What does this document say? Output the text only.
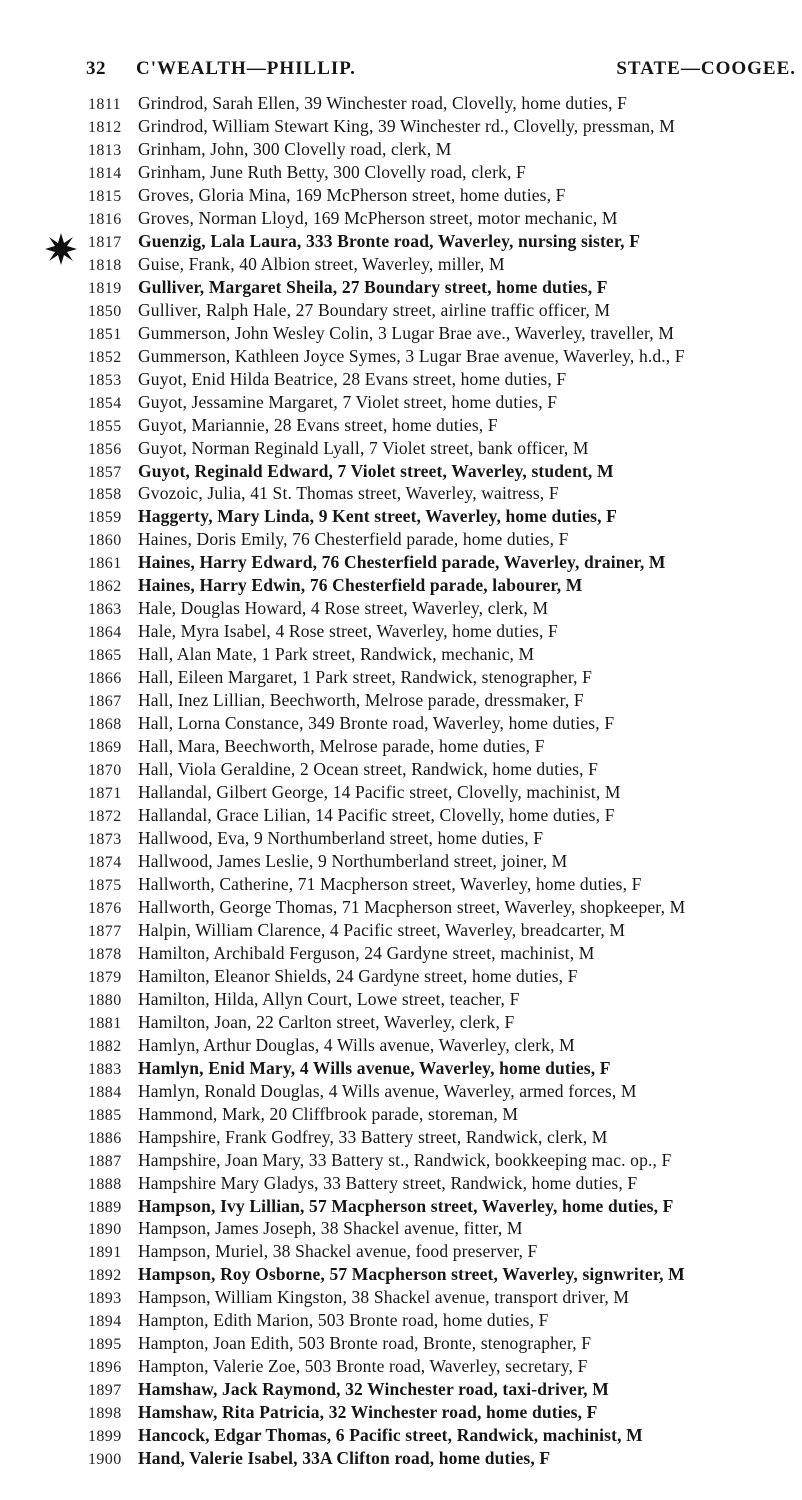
32 C'WEALTH—PHILLIP.	STATE—COOGEE.
1811 Grindrod, Sarah Ellen, 39 Winchester road, Clovelly, home duties, F
1812 Grindrod, William Stewart King, 39 Winchester rd., Clovelly, pressman, M
1813 Grinham, John, 300 Clovelly road, clerk, M
1814 Grinham, June Ruth Betty, 300 Clovelly road, clerk, F
1815 Groves, Gloria Mina, 169 McPherson street, home duties, F
1816 Groves, Norman Lloyd, 169 McPherson street, motor mechanic, M
1817 Guenzig, Lala Laura, 333 Bronte road, Waverley, nursing sister, F
1818 Guise, Frank, 40 Albion street, Waverley, miller, M
1819 Gulliver, Margaret Sheila, 27 Boundary street, home duties, F
1850 Gulliver, Ralph Hale, 27 Boundary street, airline traffic officer, M
1851 Gummerson, John Wesley Colin, 3 Lugar Brae ave., Waverley, traveller, M
1852 Gummerson, Kathleen Joyce Symes, 3 Lugar Brae avenue, Waverley, h.d., F
1853 Guyot, Enid Hilda Beatrice, 28 Evans street, home duties, F
1854 Guyot, Jessamine Margaret, 7 Violet street, home duties, F
1855 Guyot, Mariannie, 28 Evans street, home duties, F
1856 Guyot, Norman Reginald Lyall, 7 Violet street, bank officer, M
1857 Guyot, Reginald Edward, 7 Violet street, Waverley, student, M
1858 Gvozoic, Julia, 41 St. Thomas street, Waverley, waitress, F
1859 Haggerty, Mary Linda, 9 Kent street, Waverley, home duties, F
1860 Haines, Doris Emily, 76 Chesterfield parade, home duties, F
1861 Haines, Harry Edward, 76 Chesterfield parade, Waverley, drainer, M
1862 Haines, Harry Edwin, 76 Chesterfield parade, labourer, M
1863 Hale, Douglas Howard, 4 Rose street, Waverley, clerk, M
1864 Hale, Myra Isabel, 4 Rose street, Waverley, home duties, F
1865 Hall, Alan Mate, 1 Park street, Randwick, mechanic, M
1866 Hall, Eileen Margaret, 1 Park street, Randwick, stenographer, F
1867 Hall, Inez Lillian, Beechworth, Melrose parade, dressmaker, F
1868 Hall, Lorna Constance, 349 Bronte road, Waverley, home duties, F
1869 Hall, Mara, Beechworth, Melrose parade, home duties, F
1870 Hall, Viola Geraldine, 2 Ocean street, Randwick, home duties, F
1871 Hallandal, Gilbert George, 14 Pacific street, Clovelly, machinist, M
1872 Hallandal, Grace Lilian, 14 Pacific street, Clovelly, home duties, F
1873 Hallwood, Eva, 9 Northumberland street, home duties, F
1874 Hallwood, James Leslie, 9 Northumberland street, joiner, M
1875 Hallworth, Catherine, 71 Macpherson street, Waverley, home duties, F
1876 Hallworth, George Thomas, 71 Macpherson street, Waverley, shopkeeper, M
1877 Halpin, William Clarence, 4 Pacific street, Waverley, breadcarter, M
1878 Hamilton, Archibald Ferguson, 24 Gardyne street, machinist, M
1879 Hamilton, Eleanor Shields, 24 Gardyne street, home duties, F
1880 Hamilton, Hilda, Allyn Court, Lowe street, teacher, F
1881 Hamilton, Joan, 22 Carlton street, Waverley, clerk, F
1882 Hamlyn, Arthur Douglas, 4 Wills avenue, Waverley, clerk, M
1883 Hamlyn, Enid Mary, 4 Wills avenue, Waverley, home duties, F
1884 Hamlyn, Ronald Douglas, 4 Wills avenue, Waverley, armed forces, M
1885 Hammond, Mark, 20 Cliffbrook parade, storeman, M
1886 Hampshire, Frank Godfrey, 33 Battery street, Randwick, clerk, M
1887 Hampshire, Joan Mary, 33 Battery st., Randwick, bookkeeping mac. op., F
1888 Hampshire Mary Gladys, 33 Battery street, Randwick, home duties, F
1889 Hampson, Ivy Lillian, 57 Macpherson street, Waverley, home duties, F
1890 Hampson, James Joseph, 38 Shackel avenue, fitter, M
1891 Hampson, Muriel, 38 Shackel avenue, food preserver, F
1892 Hampson, Roy Osborne, 57 Macpherson street, Waverley, signwriter, M
1893 Hampson, William Kingston, 38 Shackel avenue, transport driver, M
1894 Hampton, Edith Marion, 503 Bronte road, home duties, F
1895 Hampton, Joan Edith, 503 Bronte road, Bronte, stenographer, F
1896 Hampton, Valerie Zoe, 503 Bronte road, Waverley, secretary, F
1897 Hamshaw, Jack Raymond, 32 Winchester road, taxi-driver, M
1898 Hamshaw, Rita Patricia, 32 Winchester road, home duties, F
1899 Hancock, Edgar Thomas, 6 Pacific street, Randwick, machinist, M
1900 Hand, Valerie Isabel, 33A Clifton road, home duties, F
